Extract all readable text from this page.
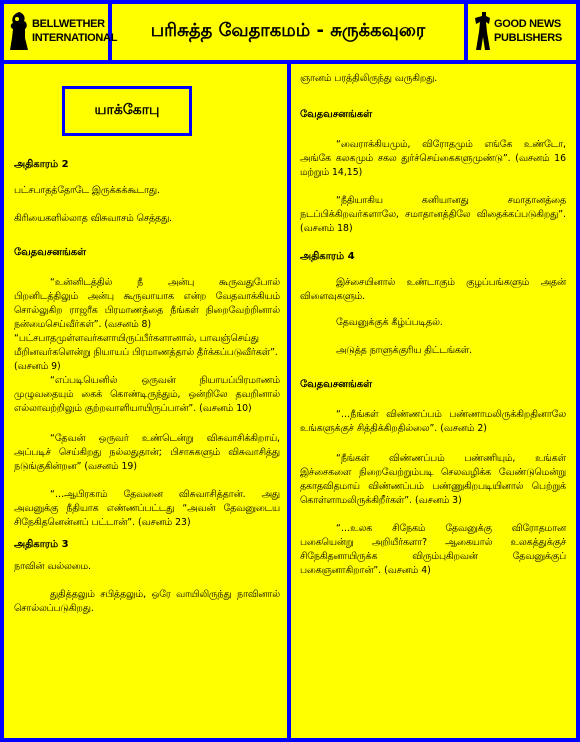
BELLWETHER
INTERNATIONAL	பரிசுத்த வேதாகமம் - சுருக்கவுரை	GOOD NEWS
PUBLISHERS
யாக்கோபு

அதிகாரம் 2

பட்சபாதத்தோடே இருக்கக்கூடாது.

கிரியைகளில்லாத விசுவாசம் செத்தது.

வேதவசனங்கள்

“உன்னிடத்தில் நீ அன்பு கூருவதுபோல் பிறனிடத்திலும் அன்பு கூருவாயாக என்ற வேதவாக்கியம் சொல்லுகிற ராஜரீக பிரமாணத்தை நீங்கள் நிறைவேற்றினால் நன்மைசெய்வீர்கள்”. (வசனம் 8)

“பட்சபாதமுள்ளவர்களாயிருப்பீர்களானால், பாவஞ்செய்து மீறினவர்களென்று நியாயப் பிரமாணத்தால் தீர்க்கப்படுவீர்கள்”. (வசனம் 9)

“எப்படியெனில் ஒருவன் நியாயப்பிரமாணம் முழுவதையும் கைக் கொண்டிருந்தும், ஒன்றிலே தவறினால் எல்லாவற்றிலும் குற்றவாளியாயிருப்பான்”. (வசனம் 10)

“தேவன் ஒருவர் உண்டென்று விசுவாசிக்கிறாய், அப்படிச் செய்கிறது நல்லதுதான்; பிசாசுகளும் விசுவாசித்து நடுங்குகின்றன” (வசனம் 19)

“…ஆபிரகாம் தேவனை விசுவாசித்தான். அது அவனுக்கு நீதியாக எண்ணப்பட்டது “அவன் தேவனுடைய சிநேகிதனென்னப் பட்டான்”. (வசனம் 23)

அதிகாரம் 3

நாவின் வல்லமை.

துதித்தலும் சபித்தலும், ஒரே வாயிலிருந்து நாவினால் சொல்லப்படுகிறது.

ஞானம் பரத்திலிருந்து வருகிறது.

வேதவசனங்கள்

“வைராக்கியமும், விரோதமும் எங்கே உண்டோ, அங்கே கலகமும் சகல துர்ச்செய்கைகளுமுண்டு”. (வசனம் 16 மற்றும் 14,15)

“நீதியாகிய கனியானது சமாதானத்தை நடப்பிக்கிறவர்களாலே, சமாதானத்திலே விதைக்கப்படுகிறது”. (வசனம் 18)

அதிகாரம் 4

இச்சையினால் உண்டாகும் குழப்பங்களும் அதன் விளைவுகளும்.

தேவனுக்குக் கீழ்ப்படிதல்.

அடுத்த நாளுக்குரிய திட்டங்கள்.

வேதவசனங்கள்

“…நீங்கள் விண்ணப்பம் பண்ணாமலிருக்கிறதினாலே உங்களுக்குச் சித்திக்கிறதில்லை”. (வசனம் 2)

“நீங்கள் விண்ணப்பம் பண்ணியும், உங்கள் இச்சைகளை நிறைவேற்றும்படி செலவழிக்க வேண்டுமென்று தகாதவிதமாய் விண்ணப்பம் பண்ணுகிறபடியினால் பெற்றுக் கொள்ளாமலிருக்கிறீர்கள்”. (வசனம் 3)

“…உலக சிநேகம் தேவனுக்கு விரோதமான பகையென்று அறியீர்களா? ஆகையால் உலகத்துக்குச் சிநேகிதனாயிருக்க விரும்புகிறவன் தேவனுக்குப் பகைஞனாகிறான்”. (வசனம் 4)
